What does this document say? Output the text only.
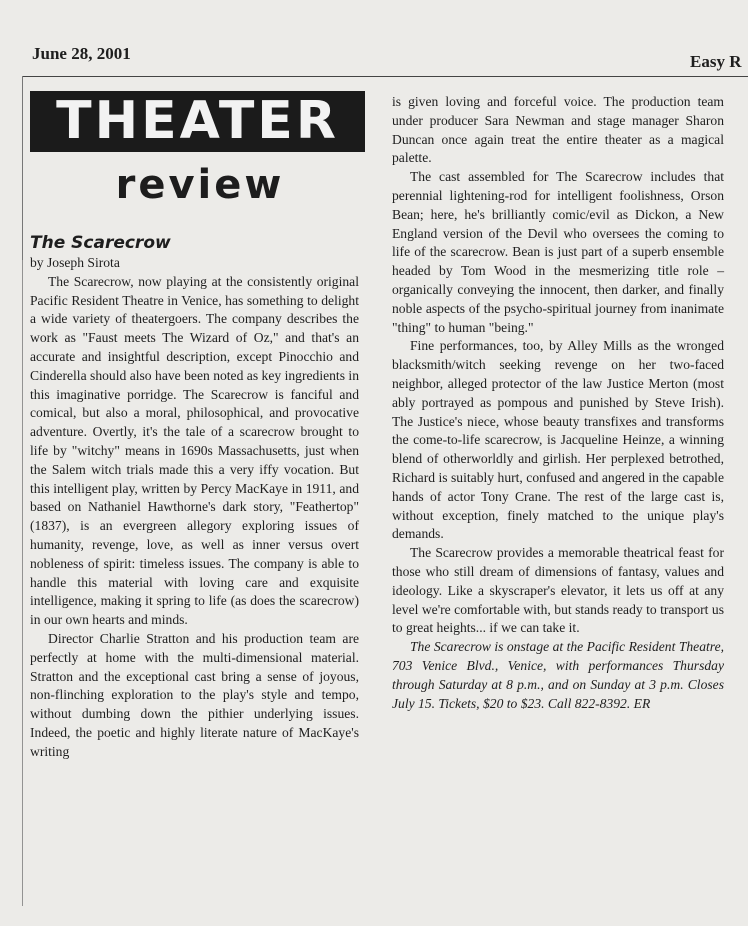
June 28, 2001	Easy R
THEATER
review

The Scarecrow

by Joseph Sirota

The Scarecrow, now playing at the consistently original Pacific Resident Theatre in Venice, has something to delight a wide variety of theatergoers. The company describes the work as "Faust meets The Wizard of Oz," and that's an accurate and insightful description, except Pinocchio and Cinderella should also have been noted as key ingredients in this imaginative porridge. The Scarecrow is fanciful and comical, but also a moral, philosophical, and provocative adventure. Overtly, it's the tale of a scarecrow brought to life by "witchy" means in 1690s Massachusetts, just when the Salem witch trials made this a very iffy vocation. But this intelligent play, written by Percy MacKaye in 1911, and based on Nathaniel Hawthorne's dark story, "Feathertop" (1837), is an evergreen allegory exploring issues of humanity, revenge, love, as well as inner versus overt nobleness of spirit: timeless issues. The company is able to handle this material with loving care and exquisite intelligence, making it spring to life (as does the scarecrow) in our own hearts and minds.

Director Charlie Stratton and his production team are perfectly at home with the multi-dimensional material. Stratton and the exceptional cast bring a sense of joyous, non-flinching exploration to the play's style and tempo, without dumbing down the pithier underlying issues. Indeed, the poetic and highly literate nature of MacKaye's writing

is given loving and forceful voice. The production team under producer Sara Newman and stage manager Sharon Duncan once again treat the entire theater as a magical palette.

The cast assembled for The Scarecrow includes that perennial lightening-rod for intelligent foolishness, Orson Bean; here, he's brilliantly comic/evil as Dickon, a New England version of the Devil who oversees the coming to life of the scarecrow. Bean is just part of a superb ensemble headed by Tom Wood in the mesmerizing title role – organically conveying the innocent, then darker, and finally noble aspects of the psycho-spiritual journey from inanimate "thing" to human "being."

Fine performances, too, by Alley Mills as the wronged blacksmith/witch seeking revenge on her two-faced neighbor, alleged protector of the law Justice Merton (most ably portrayed as pompous and punished by Steve Irish). The Justice's niece, whose beauty transfixes and transforms the come-to-life scarecrow, is Jacqueline Heinze, a winning blend of otherworldly and girlish. Her perplexed betrothed, Richard is suitably hurt, confused and angered in the capable hands of actor Tony Crane. The rest of the large cast is, without exception, finely matched to the unique play's demands.

The Scarecrow provides a memorable theatrical feast for those who still dream of dimensions of fantasy, values and ideology. Like a skyscraper's elevator, it lets us off at any level we're comfortable with, but stands ready to transport us to great heights... if we can take it.

The Scarecrow is onstage at the Pacific Resident Theatre, 703 Venice Blvd., Venice, with performances Thursday through Saturday at 8 p.m., and on Sunday at 3 p.m. Closes July 15. Tickets, $20 to $23. Call 822-8392. ER
